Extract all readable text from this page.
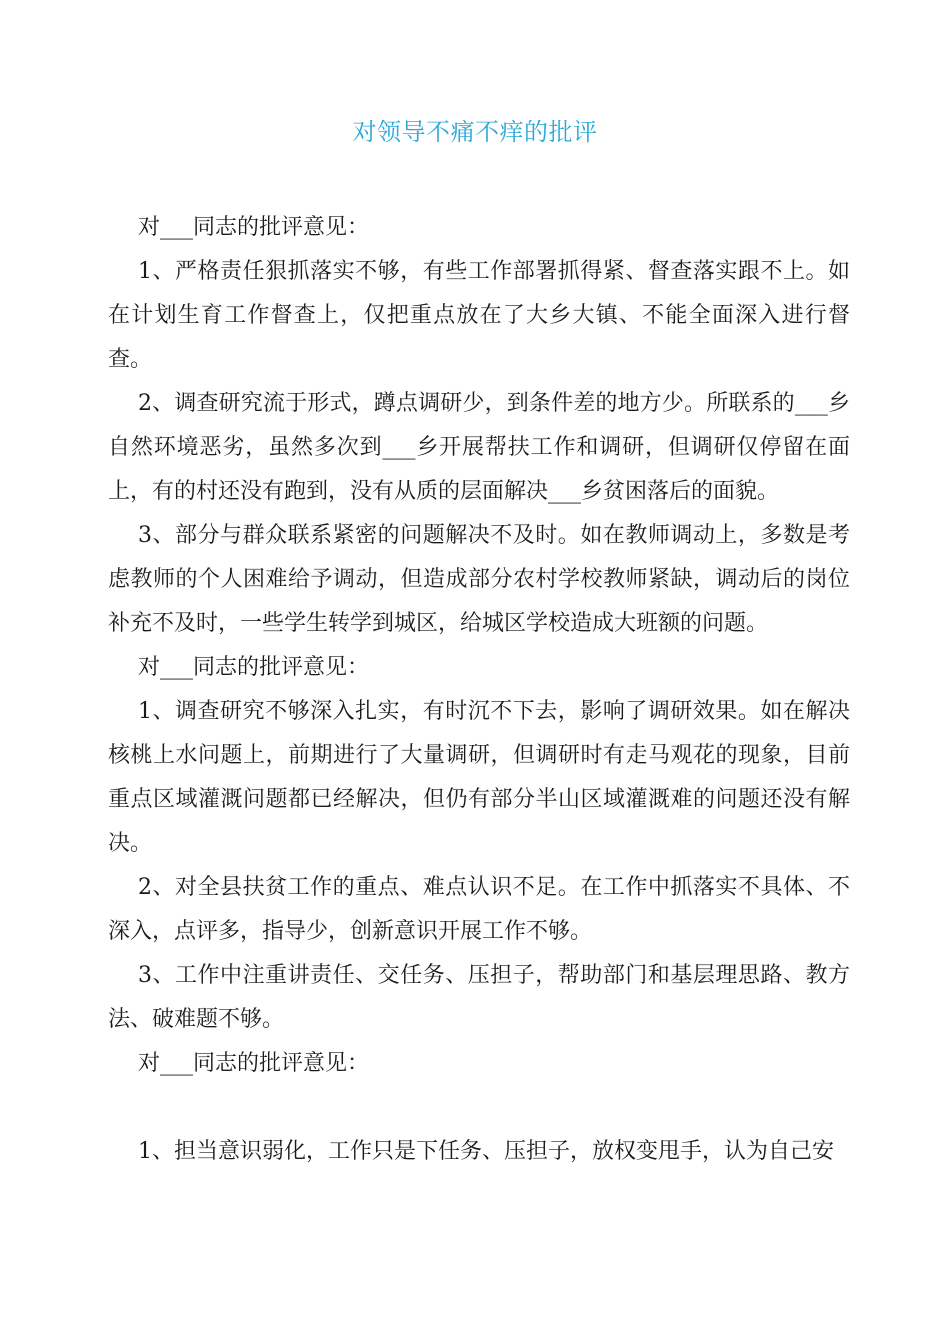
对领导不痛不痒的批评

对___同志的批评意见：

1、严格责任狠抓落实不够，有些工作部署抓得紧、督查落实跟不上。如在计划生育工作督查上，仅把重点放在了大乡大镇、不能全面深入进行督查。

2、调查研究流于形式，蹲点调研少，到条件差的地方少。所联系的___乡自然环境恶劣，虽然多次到___乡开展帮扶工作和调研，但调研仅停留在面上，有的村还没有跑到，没有从质的层面解决___乡贫困落后的面貌。

3、部分与群众联系紧密的问题解决不及时。如在教师调动上，多数是考虑教师的个人困难给予调动，但造成部分农村学校教师紧缺，调动后的岗位补充不及时，一些学生转学到城区，给城区学校造成大班额的问题。

对___同志的批评意见：

1、调查研究不够深入扎实，有时沉不下去，影响了调研效果。如在解决核桃上水问题上，前期进行了大量调研，但调研时有走马观花的现象，目前重点区域灌溉问题都已经解决，但仍有部分半山区域灌溉难的问题还没有解决。

2、对全县扶贫工作的重点、难点认识不足。在工作中抓落实不具体、不深入，点评多，指导少，创新意识开展工作不够。

3、工作中注重讲责任、交任务、压担子，帮助部门和基层理思路、教方法、破难题不够。

对___同志的批评意见：

1、担当意识弱化，工作只是下任务、压担子，放权变甩手，认为自己安
